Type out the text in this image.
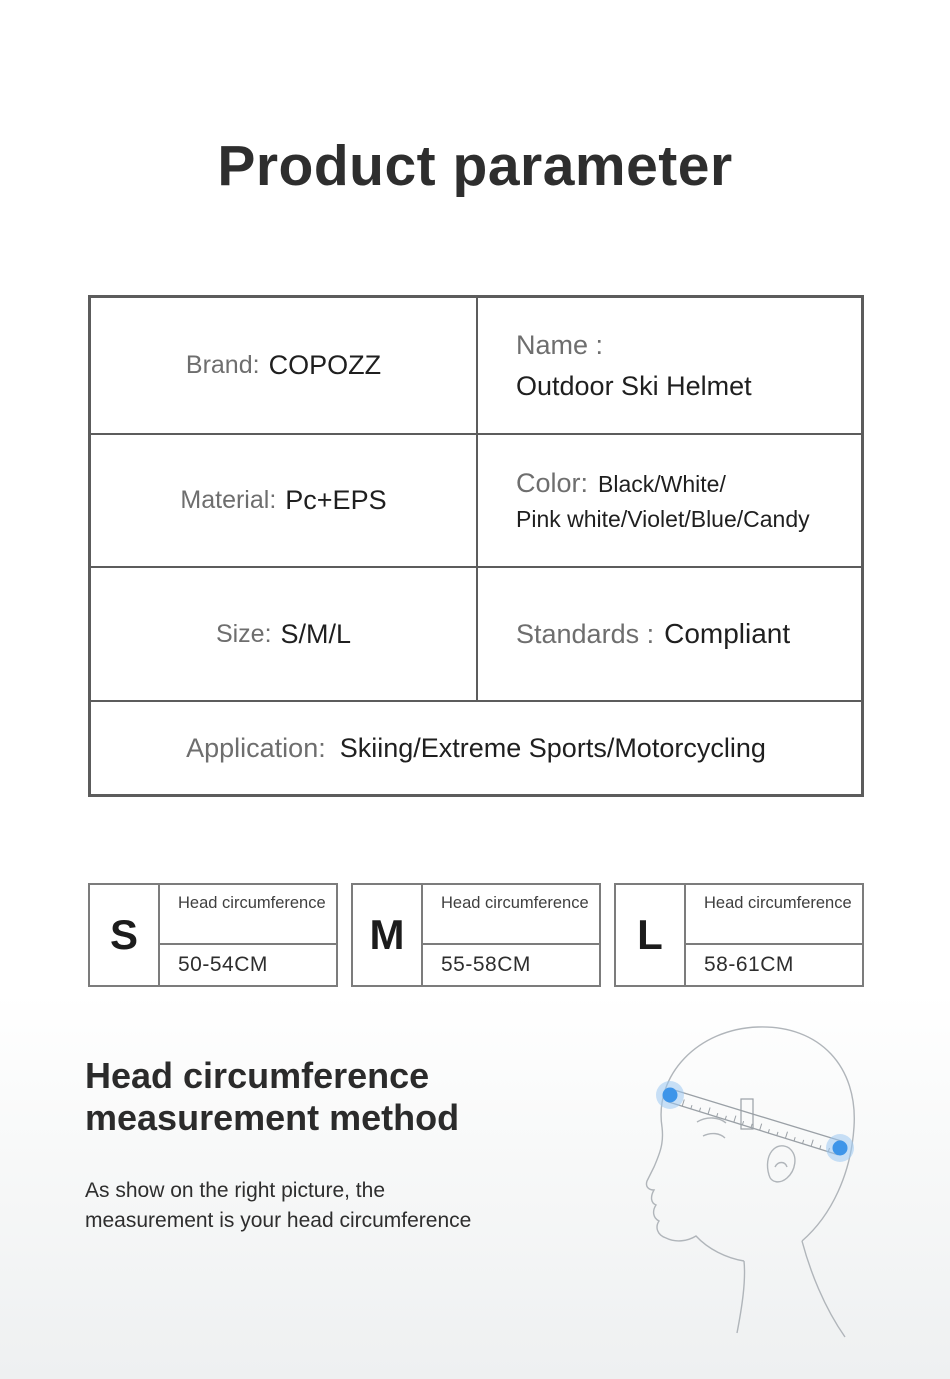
Product parameter
Brand: COPOZZ
Name :
Outdoor Ski Helmet
Material: Pc+EPS
Color: Black/White/
Pink white/Violet/Blue/Candy
Size: S/M/L	Standards : Compliant
Application: Skiing/Extreme Sports/Motorcycling
S
Head circumference
50-54CM
M
Head circumference
55-58CM
L
Head circumference
58-61CM
Head circumference
measurement method
As show on the right picture, the
measurement is your head circumference
